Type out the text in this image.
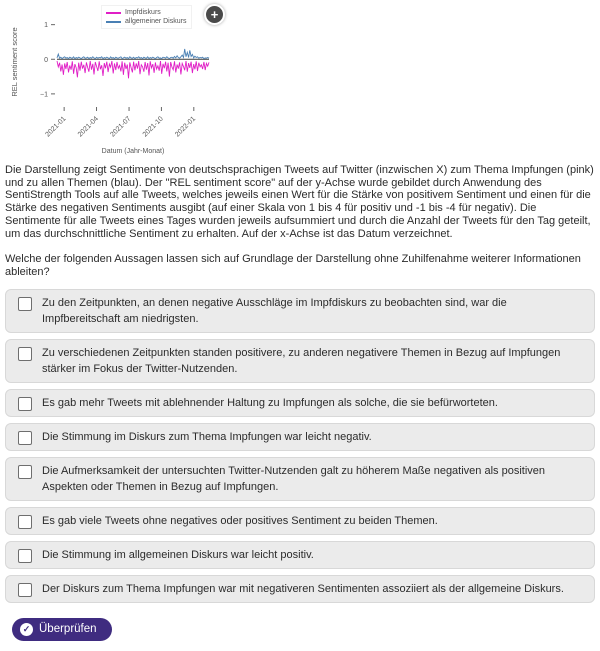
Impfdiskurs
allgemeiner Diskurs	+
1
0
−1
2021-01 2021-04 2021-07 2021-10 2022-01
REL sentiment score
Datum (Jahr-Monat)

Die Darstellung zeigt Sentimente von deutschsprachigen Tweets auf Twitter (inzwischen X) zum Thema Impfungen (pink) und zu allen Themen (blau). Der "REL sentiment score" auf der y-Achse wurde gebildet durch Anwendung des SentiStrength Tools auf alle Tweets, welches jeweils einen Wert für die Stärke von positivem Sentiment und einen für die Stärke des negativen Sentiments ausgibt (auf einer Skala von 1 bis 4 für positiv und -1 bis -4 für negativ). Die Sentimente für alle Tweets eines Tages wurden jeweils aufsummiert und durch die Anzahl der Tweets für den Tag geteilt, um das durchschnittliche Sentiment zu erhalten. Auf der x-Achse ist das Datum verzeichnet.

Welche der folgenden Aussagen lassen sich auf Grundlage der Darstellung ohne Zuhilfenahme weiterer Informationen ableiten?

Zu den Zeitpunkten, an denen negative Ausschläge im Impfdiskurs zu beobachten sind, war die Impfbereitschaft am niedrigsten.
Zu verschiedenen Zeitpunkten standen positivere, zu anderen negativere Themen in Bezug auf Impfungen stärker im Fokus der Twitter-Nutzenden.
Es gab mehr Tweets mit ablehnender Haltung zu Impfungen als solche, die sie befürworteten.
Die Stimmung im Diskurs zum Thema Impfungen war leicht negativ.
Die Aufmerksamkeit der untersuchten Twitter-Nutzenden galt zu höherem Maße negativen als positiven Aspekten oder Themen in Bezug auf Impfungen.
Es gab viele Tweets ohne negatives oder positives Sentiment zu beiden Themen.
Die Stimmung im allgemeinen Diskurs war leicht positiv.
Der Diskurs zum Thema Impfungen war mit negativeren Sentimenten assoziiert als der allgemeine Diskurs.
✓ Überprüfen
